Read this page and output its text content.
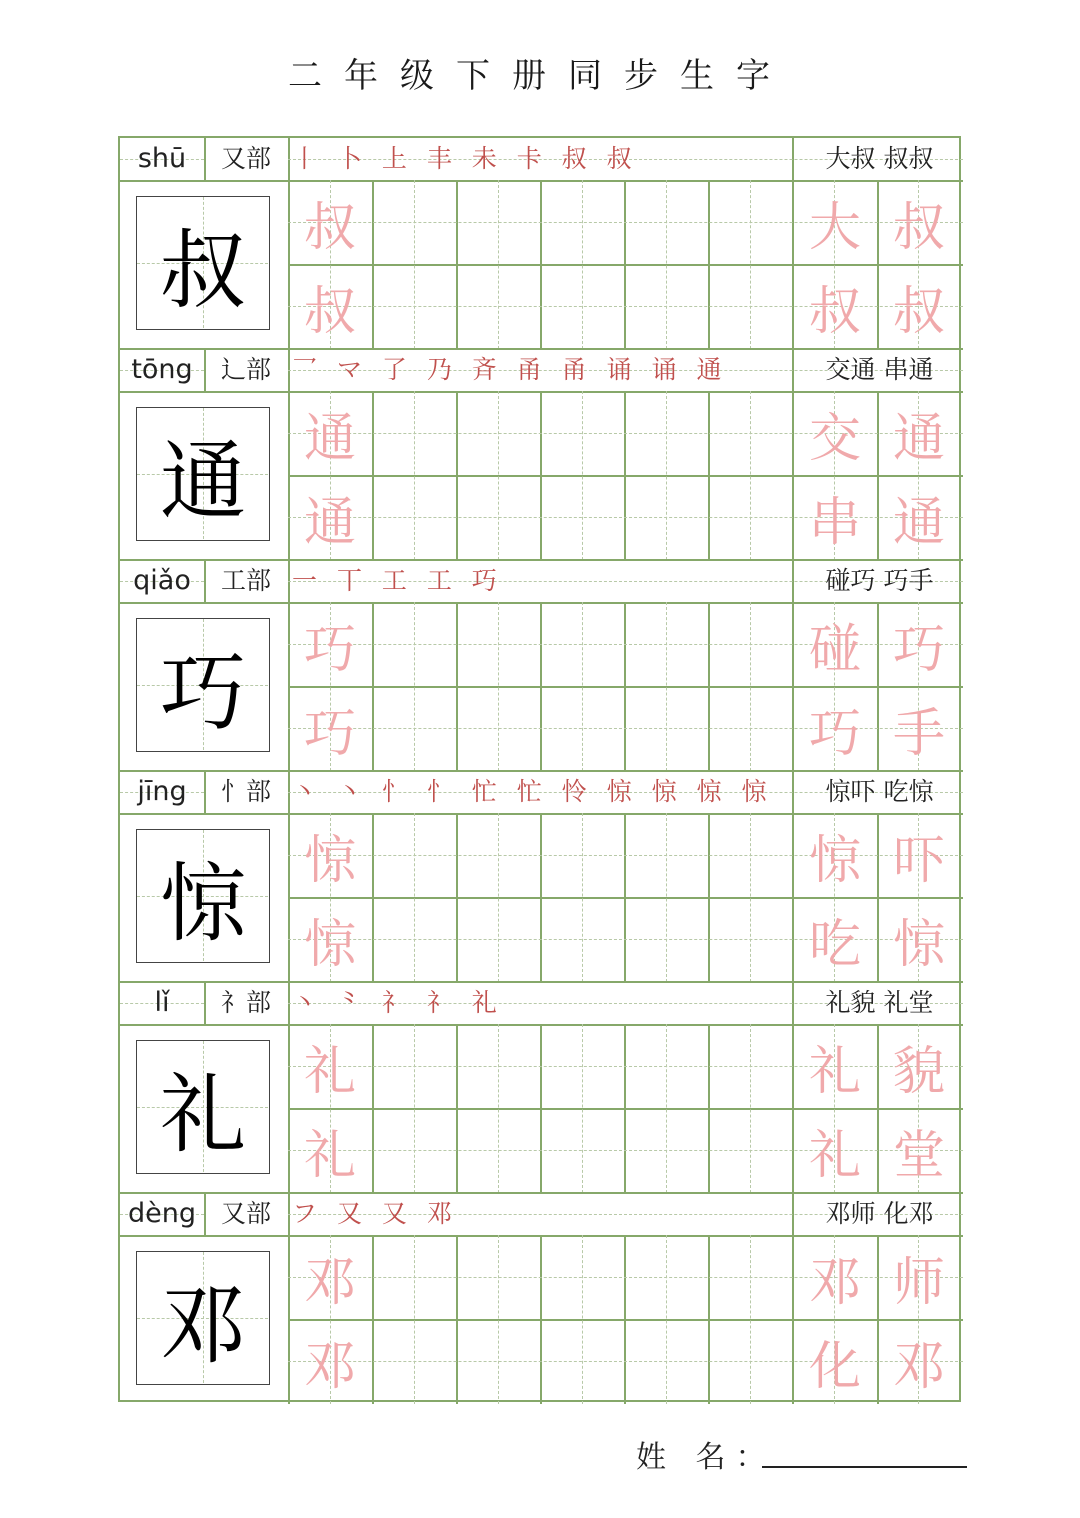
二年级下册同步生字
shū	又部 丨 卜 上 丰 未 卡 叔 叔	大叔 叔叔
叔	叔
叔
大 叔
叔 叔
tōng	辶部 乛 マ 了 乃 斉 甬 甬 诵 诵 通	交通 串通
通	通
通
交 通
串 通
qiǎo	工部 一 丅 工 工 巧	碰巧 巧手
巧	巧
巧
碰 巧
巧 手
jīng	忄部 丶 丶 忄 忄 忙 忙 怜 惊 惊 惊 惊	惊吓 吃惊
惊	惊
惊
惊 吓
吃 惊
lǐ	礻部 丶 ⺀ 礻 礻 礼	礼貌 礼堂
礼	礼
礼
礼 貌
礼 堂
dèng 又部 フ 又 又 邓	邓师 化邓
邓	邓
邓
邓 师
化 邓
姓 名：
